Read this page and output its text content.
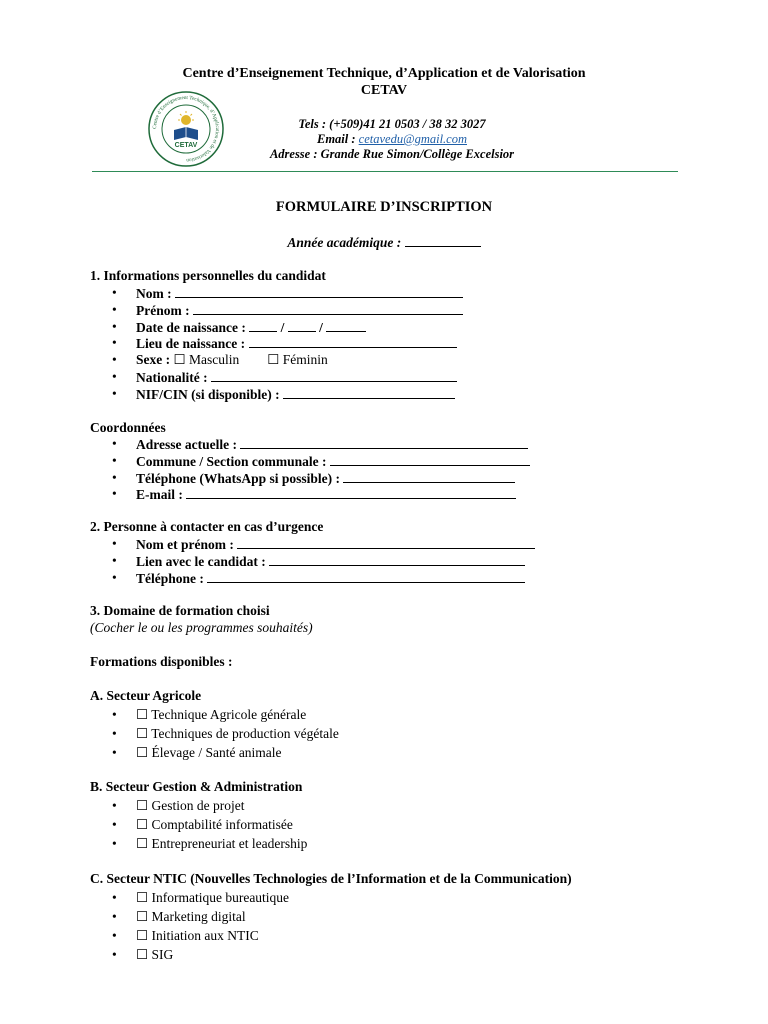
Centre d’Enseignement Technique, d’Application et de Valorisation
CETAV
Centre d’Enseignement Technique, d’Application et de Valorisation
CETAV
Tels : (+509)41 21 0503 / 38 32 3027
Email : cetavedu@gmail.com
Adresse : Grande Rue Simon/Collège Excelsior
FORMULAIRE D’INSCRIPTION
Année académique :
1. Informations personnelles du candidat
• Nom :
• Prénom :
• Date de naissance :  /  /
• Lieu de naissance :
• Sexe : ☐ Masculin ☐ Féminin
• Nationalité :
• NIF/CIN (si disponible) :
Coordonnées
• Adresse actuelle :
• Commune / Section communale :
• Téléphone (WhatsApp si possible) :
• E-mail :
2. Personne à contacter en cas d’urgence
• Nom et prénom :
• Lien avec le candidat :
• Téléphone :
3. Domaine de formation choisi
(Cocher le ou les programmes souhaités)
Formations disponibles :
A. Secteur Agricole
• ☐ Technique Agricole générale
• ☐ Techniques de production végétale
• ☐ Élevage / Santé animale
B. Secteur Gestion & Administration
• ☐ Gestion de projet
• ☐ Comptabilité informatisée
• ☐ Entrepreneuriat et leadership
C. Secteur NTIC (Nouvelles Technologies de l’Information et de la Communication)
• ☐ Informatique bureautique
• ☐ Marketing digital
• ☐ Initiation aux NTIC
• ☐ SIG
